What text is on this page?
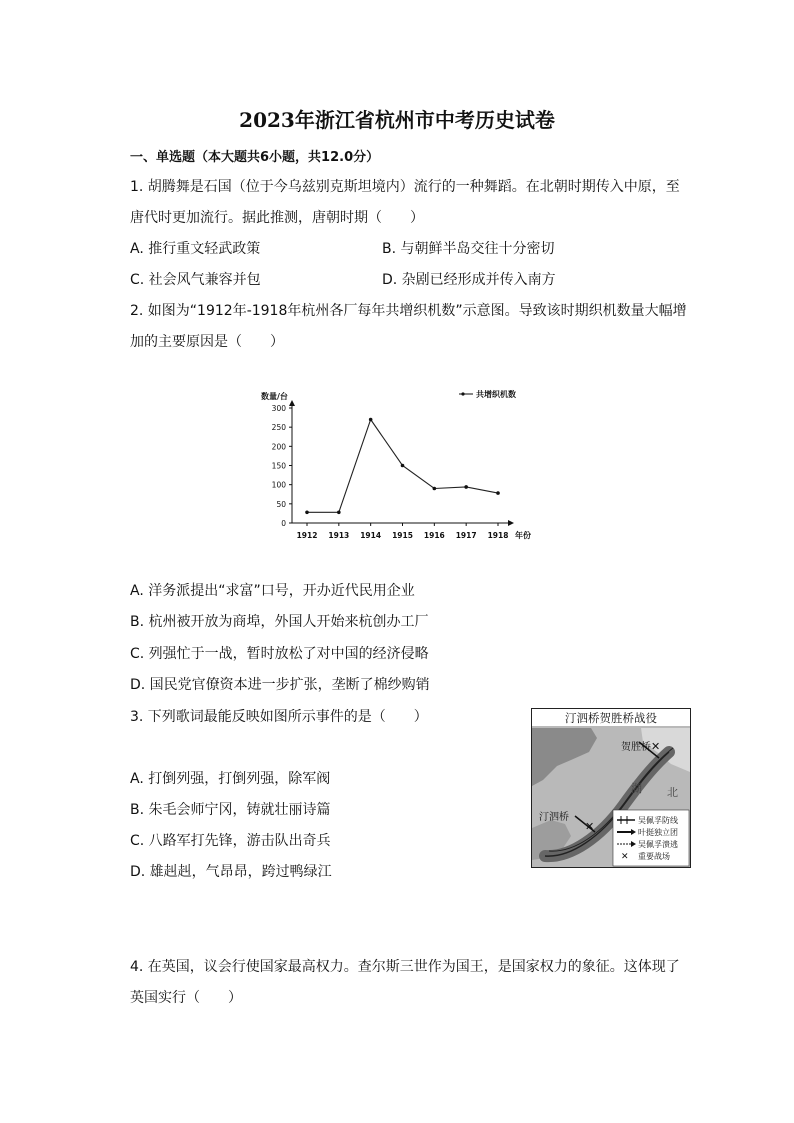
2023年浙江省杭州市中考历史试卷
一、单选题（本大题共6小题，共12.0分）
1. 胡腾舞是石国（位于今乌兹别克斯坦境内）流行的一种舞蹈。在北朝时期传入中原，至
唐代时更加流行。据此推测，唐朝时期（　　）
A. 推行重文轻武政策	B. 与朝鲜半岛交往十分密切
C. 社会风气兼容并包	D. 杂剧已经形成并传入南方
2. 如图为“1912年-1918年杭州各厂每年共增织机数”示意图。导致该时期织机数量大幅增
加的主要原因是（　　）
0
50
100
150
200
250
300
1912 1913 1914 1915 1916 1917 1918
数量/台
年份
共增织机数
A. 洋务派提出“求富”口号，开办近代民用企业
B. 杭州被开放为商埠，外国人开始来杭创办工厂
C. 列强忙于一战，暂时放松了对中国的经济侵略
D. 国民党官僚资本进一步扩张，垄断了棉纱购销
3. 下列歌词最能反映如图所示事件的是（　　）
A. 打倒列强，打倒列强，除军阀
B. 朱毛会师宁冈，铸就壮丽诗篇
C. 八路军打先锋，游击队出奇兵
D. 雄赳赳，气昂昂，跨过鸭绿江
汀泗桥贺胜桥战役
贺胜桥 ✕
汀泗桥
✕
湖 北
吴佩孚防线
叶挺独立团
吴佩孚溃逃
✕ 重要战场
4. 在英国，议会行使国家最高权力。查尔斯三世作为国王，是国家权力的象征。这体现了
英国实行（　　）
